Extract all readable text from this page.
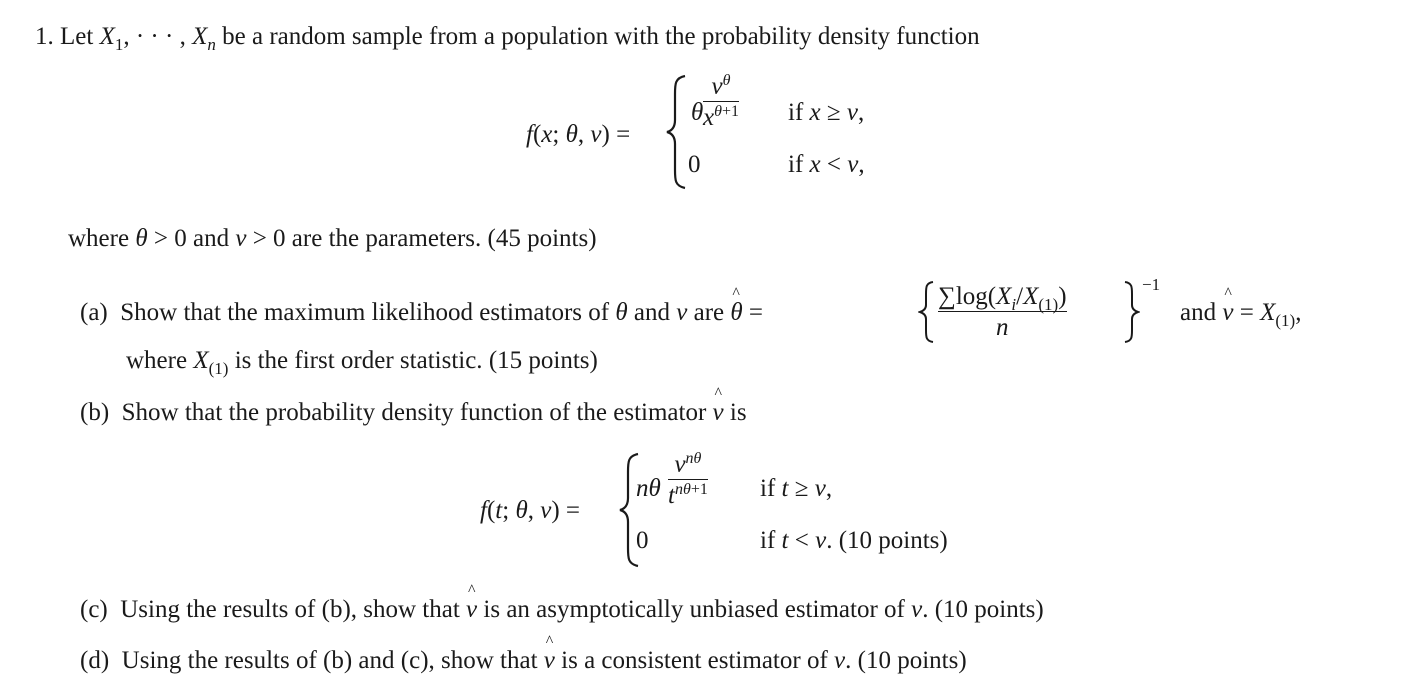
1. Let $X_1$, · · · , $X_n$ be a random sample from a population with the probability density function
f(x; θ, ν) =
θ
$\nu^\theta$
$x^{\theta+1}$ if x ≥ ν,
0	if x < ν,
where θ > 0 and ν > 0 are the parameters. (45 points)
(a) Show that the maximum likelihood estimators of θ and ν are ^ θ =
$\sum\log(X_i/X_{(1)})$
n
−1
and ^ $\nu = X_{(1)}$,
where $X_{(1)}$ is the first order statistic. (15 points)
(b) Show that the probability density function of the estimator ^ ν is
f(t; θ, ν) =
nθ
$\nu^{n\theta}$
$t^{n\theta+1}$ if t ≥ ν,
0	if t < ν. (10 points)
(c) Using the results of (b), show that ^ ν is an asymptotically unbiased estimator of ν. (10 points)
(d) Using the results of (b) and (c), show that ^ ν is a consistent estimator of ν. (10 points)
